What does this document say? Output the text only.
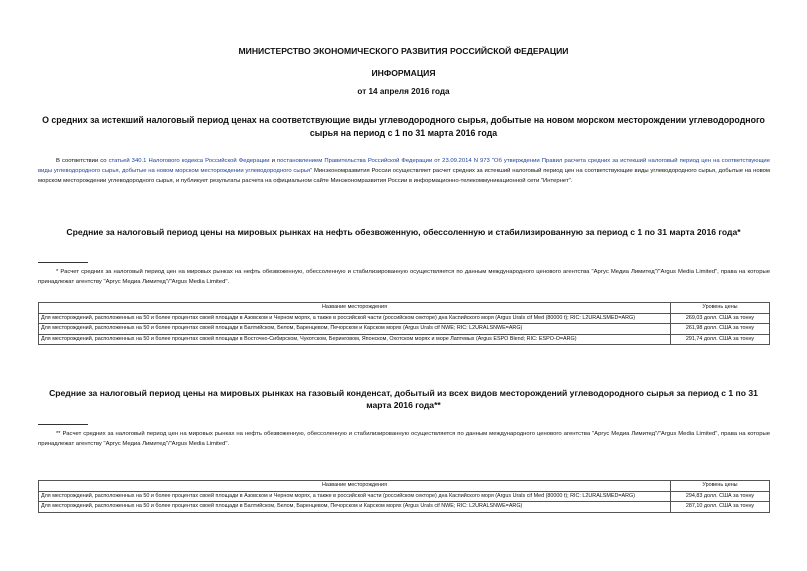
МИНИСТЕРСТВО ЭКОНОМИЧЕСКОГО РАЗВИТИЯ РОССИЙСКОЙ ФЕДЕРАЦИИ
ИНФОРМАЦИЯ
от 14 апреля 2016 года
О средних за истекший налоговый период ценах на соответствующие виды углеводородного сырья, добытые на новом морском месторождении углеводородного сырья на период с 1 по 31 марта 2016 года
В соответствии со статьей 340.1 Налогового кодекса Российской Федерации и постановлением Правительства Российской Федерации от 23.09.2014 N 973 "Об утверждении Правил расчета средних за истекший налоговый период цен на соответствующие виды углеводородного сырья, добытые на новом морском месторождении углеводородного сырья" Минэкономразвития России осуществляет расчет средних за истекший налоговый период цен на соответствующие виды углеводородного сырья, добытые на новом морском месторождении углеводородного сырья, и публикует результаты расчета на официальном сайте Минэкономразвития России в информационно-телекоммуникационной сети "Интернет".
Средние за налоговый период цены на мировых рынках на нефть обезвоженную, обессоленную и стабилизированную за период с 1 по 31 марта 2016 года*
* Расчет средних за налоговый период цен на мировых рынках на нефть обезвоженную, обессоленную и стабилизированную осуществляется по данным международного ценового агентства "Аргус Медиа Лимитед"/"Argus Media Limited", права на которые принадлежат агентству "Аргус Медиа Лимитед"/"Argus Media Limited".
Название месторождения	Уровень цены
Для месторождений, расположенных на 50 и более процентах своей площади в Азовском и Черном морях, а также в российской части (российском секторе) дна Каспийского моря (Argus Urals cif Med (80000 t); RIC: L2URALSMED=ARG)	269,03 долл. США за тонну
Для месторождений, расположенных на 50 и более процентах своей площади в Балтийском, Белом, Баренцевом, Печорском и Карском морях (Argus Urals cif NWE; RIC: L2URALSNWE=ARG)	261,98 долл. США за тонну
Для месторождений, расположенных на 50 и более процентах своей площади в Восточно-Сибирском, Чукотском, Беринговом, Японском, Охотском морях и море Лаптевых (Argus ESPO Blend; RIC: ESPO-O=ARG)	291,74 долл. США за тонну
Средние за налоговый период цены на мировых рынках на газовый конденсат, добытый из всех видов месторождений углеводородного сырья за период с 1 по 31 марта 2016 года**
** Расчет средних за налоговый период цен на мировых рынках на нефть обезвоженную, обессоленную и стабилизированную осуществляется по данным международного ценового агентства "Аргус Медиа Лимитед"/"Argus Media Limited", права на которые принадлежат агентству "Аргус Медиа Лимитед"/"Argus Media Limited".
Название месторождения	Уровень цены
Для месторождений, расположенных на 50 и более процентах своей площади в Азовском и Черном морях, а также в российской части (российском секторе) дна Каспийского моря (Argus Urals cif Med (80000 t); RIC: L2URALSMED=ARG)	294,83 долл. США за тонну
Для месторождений, расположенных на 50 и более процентах своей площади в Балтийском, Белом, Баренцевом, Печорском и Карском морях (Argus Urals cif NWE; RIC: L2URALSNWE=ARG)	287,10 долл. США за тонну
